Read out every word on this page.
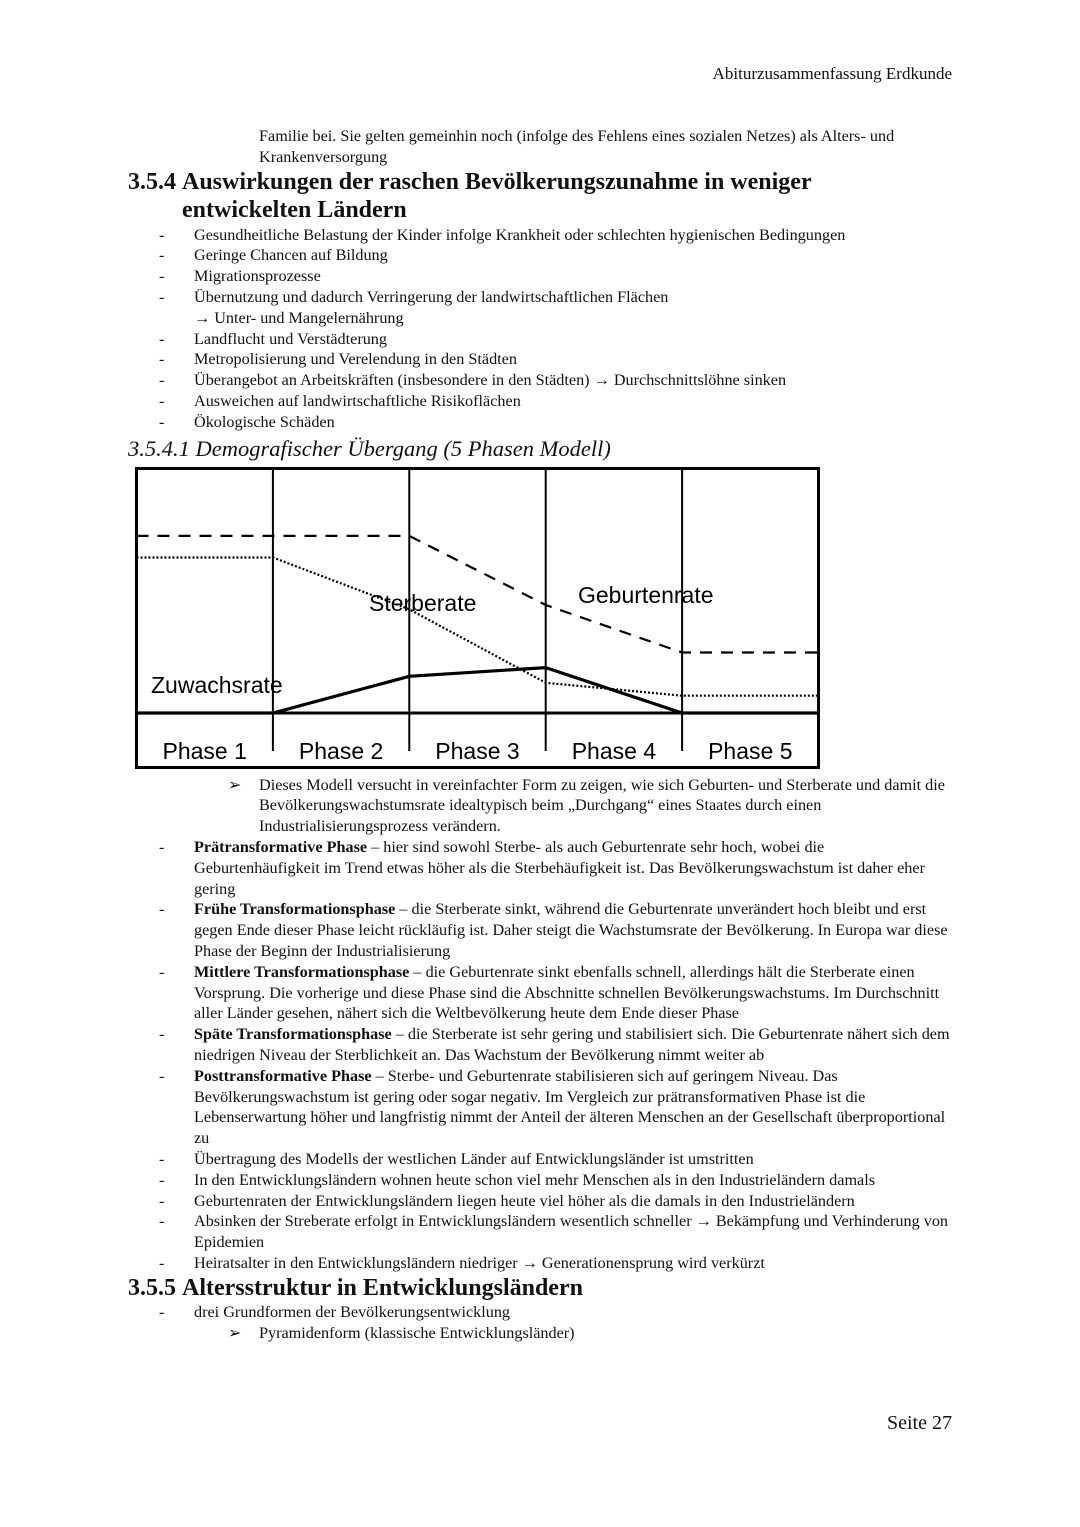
Abiturzusammenfassung Erdkunde
Familie bei. Sie gelten gemeinhin noch (infolge des Fehlens eines sozialen Netzes) als Alters- und Krankenversorgung
3.5.4 Auswirkungen der raschen Bevölkerungszunahme in weniger entwickelten Ländern
- Gesundheitliche Belastung der Kinder infolge Krankheit oder schlechten hygienischen Bedingungen
- Geringe Chancen auf Bildung
- Migrationsprozesse
- Übernutzung und dadurch Verringerung der landwirtschaftlichen Flächen
→ Unter- und Mangelernährung
- Landflucht und Verstädterung
- Metropolisierung und Verelendung in den Städten
- Überangebot an Arbeitskräften (insbesondere in den Städten) → Durchschnittslöhne sinken
- Ausweichen auf landwirtschaftliche Risikoflächen
- Ökologische Schäden
3.5.4.1 Demografischer Übergang (5 Phasen Modell)
Phase 1 Phase 2 Phase 3 Phase 4 Phase 5
Geburtenrate
Sterberate
Zuwachsrate
➢ Dieses Modell versucht in vereinfachter Form zu zeigen, wie sich Geburten- und Sterberate und damit die Bevölkerungswachstumsrate idealtypisch beim „Durchgang“ eines Staates durch einen Industrialisierungsprozess verändern.
- Prätransformative Phase – hier sind sowohl Sterbe- als auch Geburtenrate sehr hoch, wobei die Geburtenhäufigkeit im Trend etwas höher als die Sterbehäufigkeit ist. Das Bevölkerungswachstum ist daher eher gering
- Frühe Transformationsphase – die Sterberate sinkt, während die Geburtenrate unverändert hoch bleibt und erst gegen Ende dieser Phase leicht rückläufig ist. Daher steigt die Wachstumsrate der Bevölkerung. In Europa war diese Phase der Beginn der Industrialisierung
- Mittlere Transformationsphase – die Geburtenrate sinkt ebenfalls schnell, allerdings hält die Sterberate einen Vorsprung. Die vorherige und diese Phase sind die Abschnitte schnellen Bevölkerungswachstums. Im Durchschnitt aller Länder gesehen, nähert sich die Weltbevölkerung heute dem Ende dieser Phase
- Späte Transformationsphase – die Sterberate ist sehr gering und stabilisiert sich. Die Geburtenrate nähert sich dem niedrigen Niveau der Sterblichkeit an. Das Wachstum der Bevölkerung nimmt weiter ab
- Posttransformative Phase – Sterbe- und Geburtenrate stabilisieren sich auf geringem Niveau. Das Bevölkerungswachstum ist gering oder sogar negativ. Im Vergleich zur prätransformativen Phase ist die Lebenserwartung höher und langfristig nimmt der Anteil der älteren Menschen an der Gesellschaft überproportional zu
- Übertragung des Modells der westlichen Länder auf Entwicklungsländer ist umstritten
- In den Entwicklungsländern wohnen heute schon viel mehr Menschen als in den Industrieländern damals
- Geburtenraten der Entwicklungsländern liegen heute viel höher als die damals in den Industrieländern
- Absinken der Streberate erfolgt in Entwicklungsländern wesentlich schneller → Bekämpfung und Verhinderung von Epidemien
- Heiratsalter in den Entwicklungsländern niedriger → Generationensprung wird verkürzt
3.5.5 Altersstruktur in Entwicklungsländern
- drei Grundformen der Bevölkerungsentwicklung
➢ Pyramidenform (klassische Entwicklungsländer)
Seite 27
